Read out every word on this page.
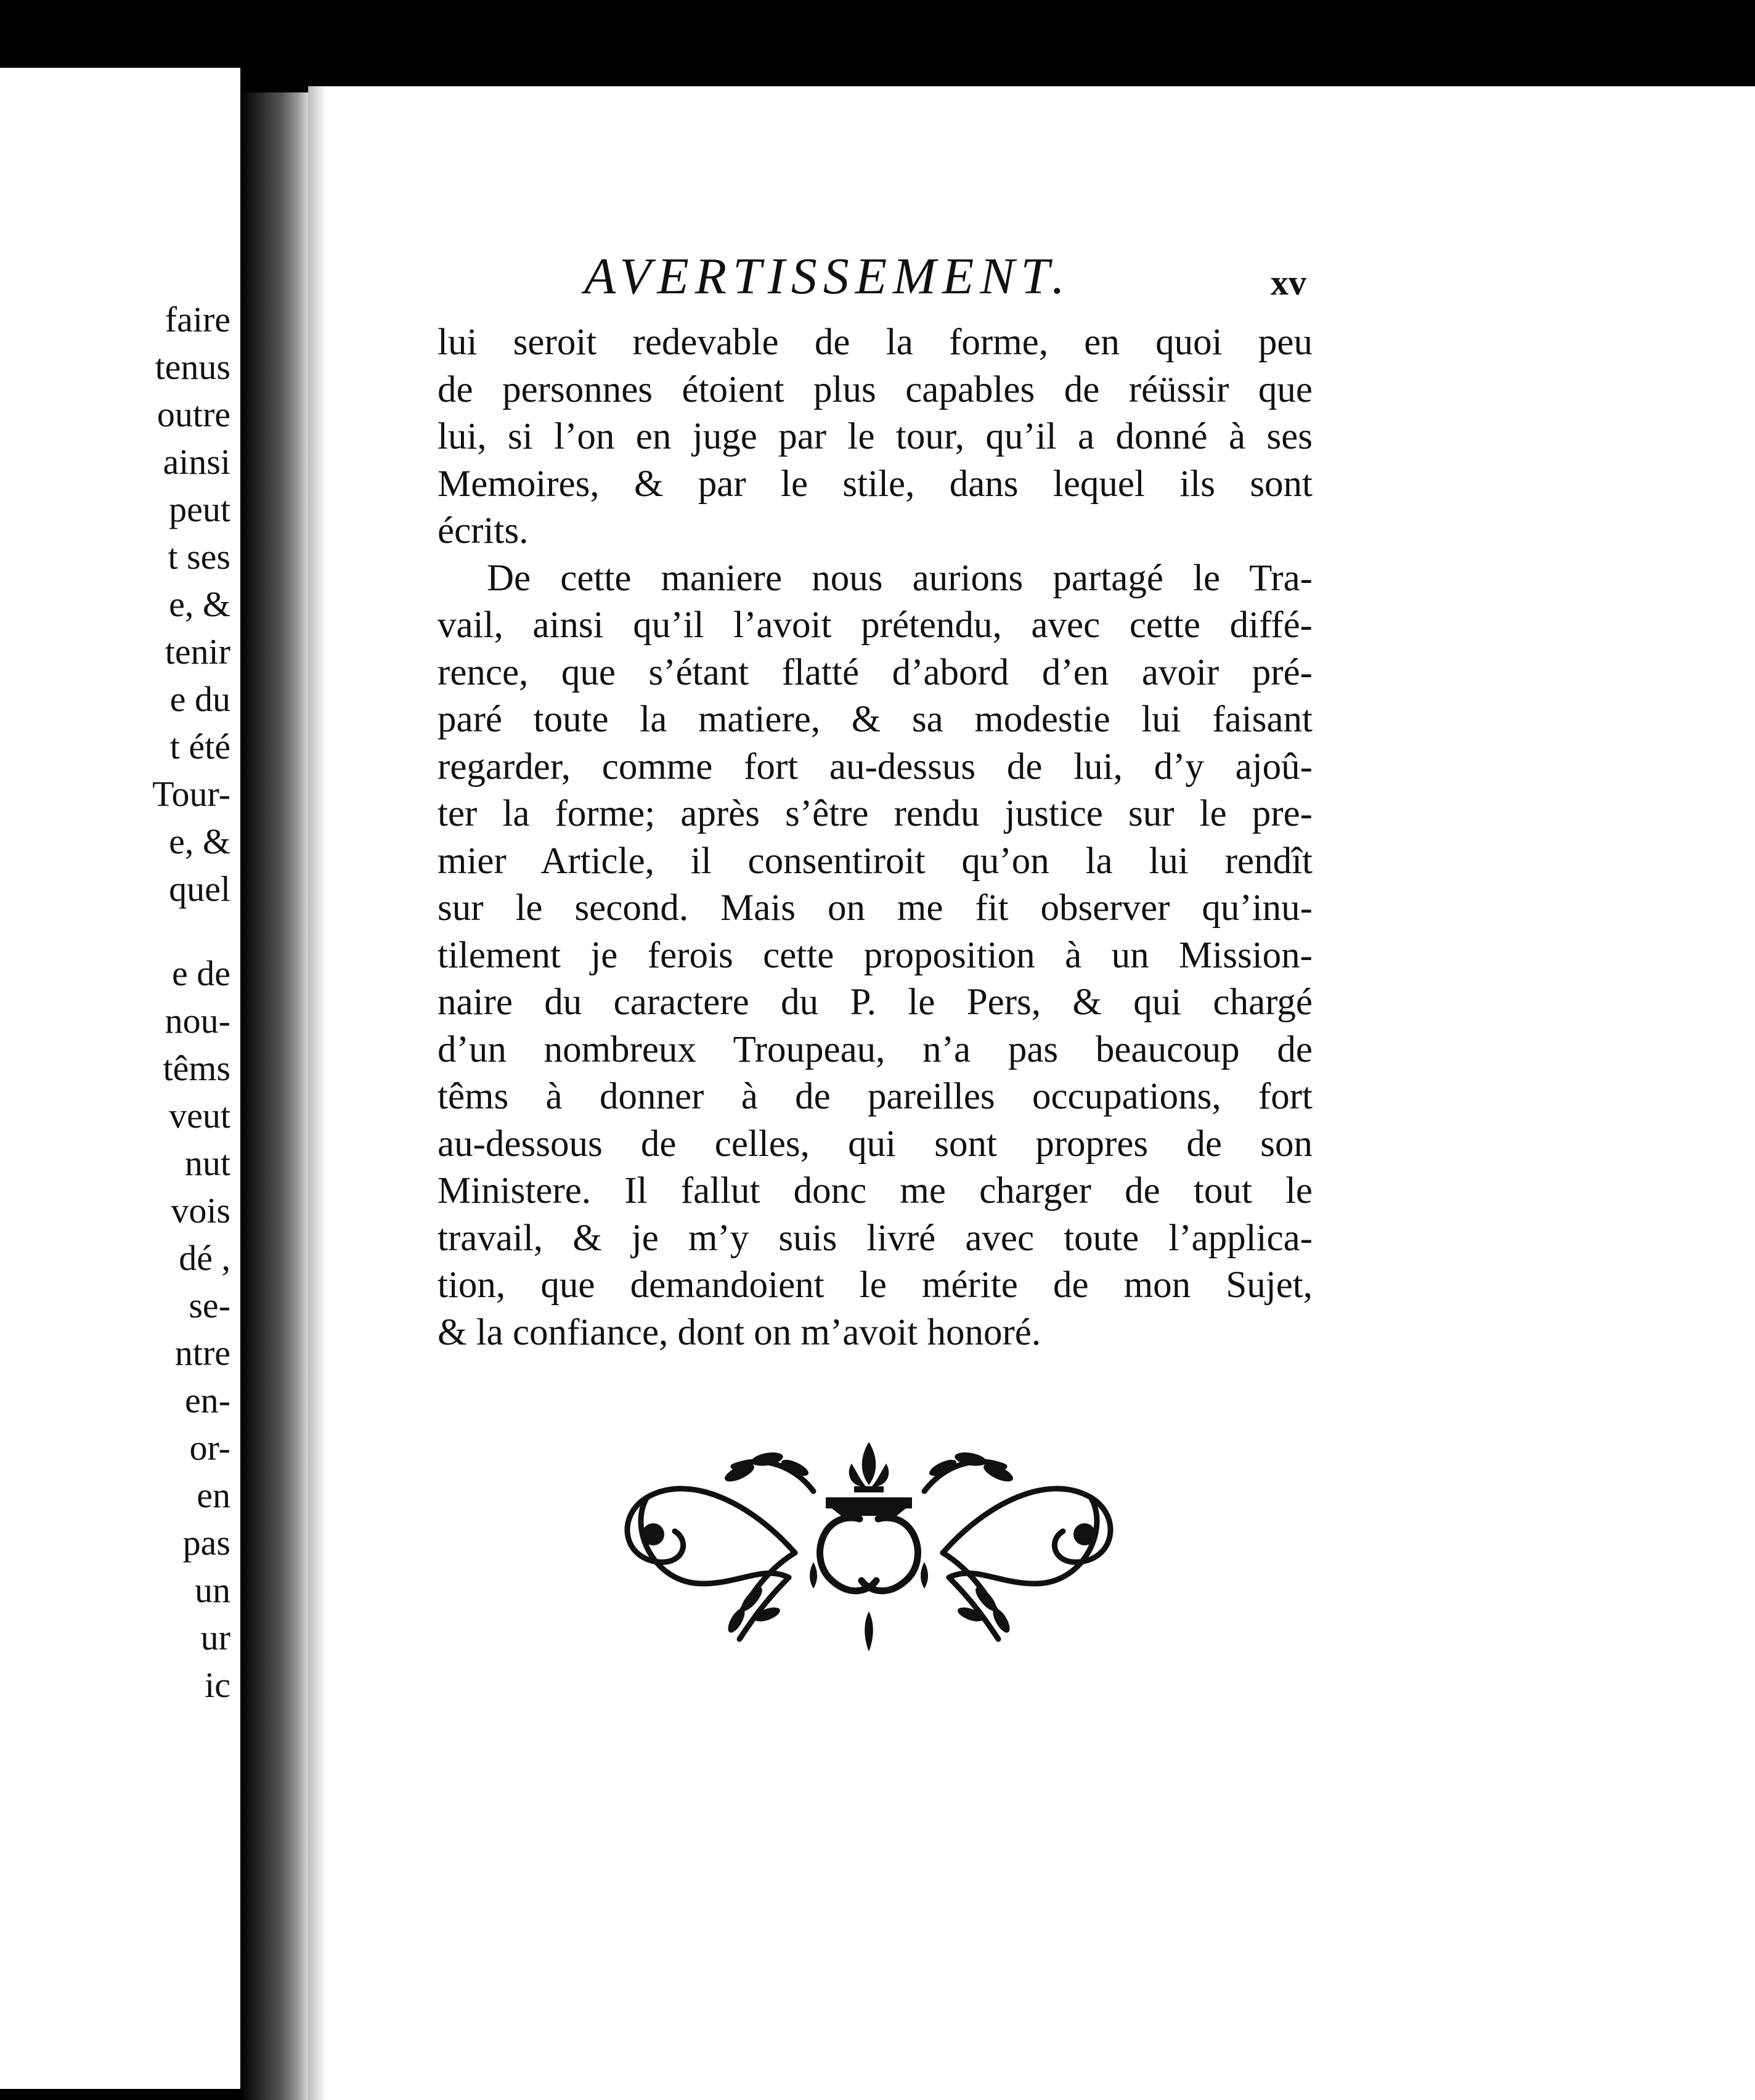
faire
tenus
outre
ainsi
peut
t ses
e, &
tenir
e du
t été
Tour-
e, &
quel
e de
nou-
têms
veut
nut
vois
dé ,
se-
ntre
en-
or-
en
pas
un
ur
ic
AVERTISSEMENT.	xv
lui seroit redevable de la forme, en quoi peu
de personnes étoient plus capables de réüssir que
lui, si l’on en juge par le tour, qu’il a donné à ses
Memoires, & par le stile, dans lequel ils sont
écrits.
De cette maniere nous aurions partagé le Tra-
vail, ainsi qu’il l’avoit prétendu, avec cette diffé-
rence, que s’étant flatté d’abord d’en avoir pré-
paré toute la matiere, & sa modestie lui faisant
regarder, comme fort au-dessus de lui, d’y ajoû-
ter la forme; après s’être rendu justice sur le pre-
mier Article, il consentiroit qu’on la lui rendît
sur le second. Mais on me fit observer qu’inu-
tilement je ferois cette proposition à un Mission-
naire du caractere du P. le Pers, & qui chargé
d’un nombreux Troupeau, n’a pas beaucoup de
têms à donner à de pareilles occupations, fort
au-dessous de celles, qui sont propres de son
Ministere. Il fallut donc me charger de tout le
travail, & je m’y suis livré avec toute l’applica-
tion, que demandoient le mérite de mon Sujet,
& la confiance, dont on m’avoit honoré.
